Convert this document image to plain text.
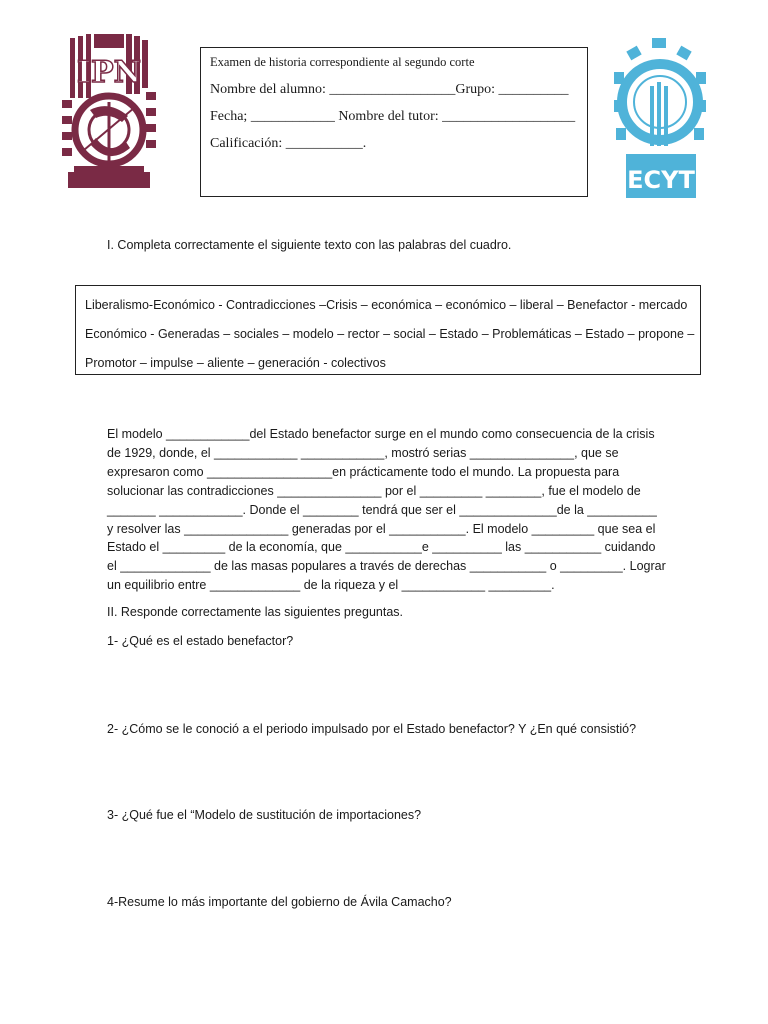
IPN	Examen de historia correspondiente al segundo corte

Nombre del alumno: __________________Grupo: __________

Fecha; ____________ Nombre del tutor: ___________________

Calificación: ___________.

ECYT
I. Completa correctamente el siguiente texto con las palabras del cuadro.

Liberalismo-Económico - Contradicciones –Crisis – económica – económico – liberal – Benefactor - mercado

Económico - Generadas – sociales – modelo – rector – social – Estado – Problemáticas – Estado – propone –

Promotor – impulse – aliente – generación - colectivos

El modelo ____________del Estado benefactor surge en el mundo como consecuencia de la crisis

de 1929, donde, el ____________ ____________, mostró serias _______________, que se

expresaron como __________________en prácticamente todo el mundo. La propuesta para

solucionar las contradicciones _______________ por el _________ ________, fue el modelo de

_______ ____________. Donde el ________ tendrá que ser el ______________de la __________

y resolver las _______________ generadas por el ___________. El modelo _________ que sea el

Estado el _________ de la economía, que ___________e __________ las ___________ cuidando

el _____________ de las masas populares a través de derechas ___________ o _________. Lograr

un equilibrio entre _____________ de la riqueza y el ____________ _________.

II. Responde correctamente las siguientes preguntas.
1- ¿Qué es el estado benefactor?
2- ¿Cómo se le conoció a el periodo impulsado por el Estado benefactor? Y ¿En qué consistió?
3- ¿Qué fue el “Modelo de sustitución de importaciones?
4-Resume lo más importante del gobierno de Ávila Camacho?
